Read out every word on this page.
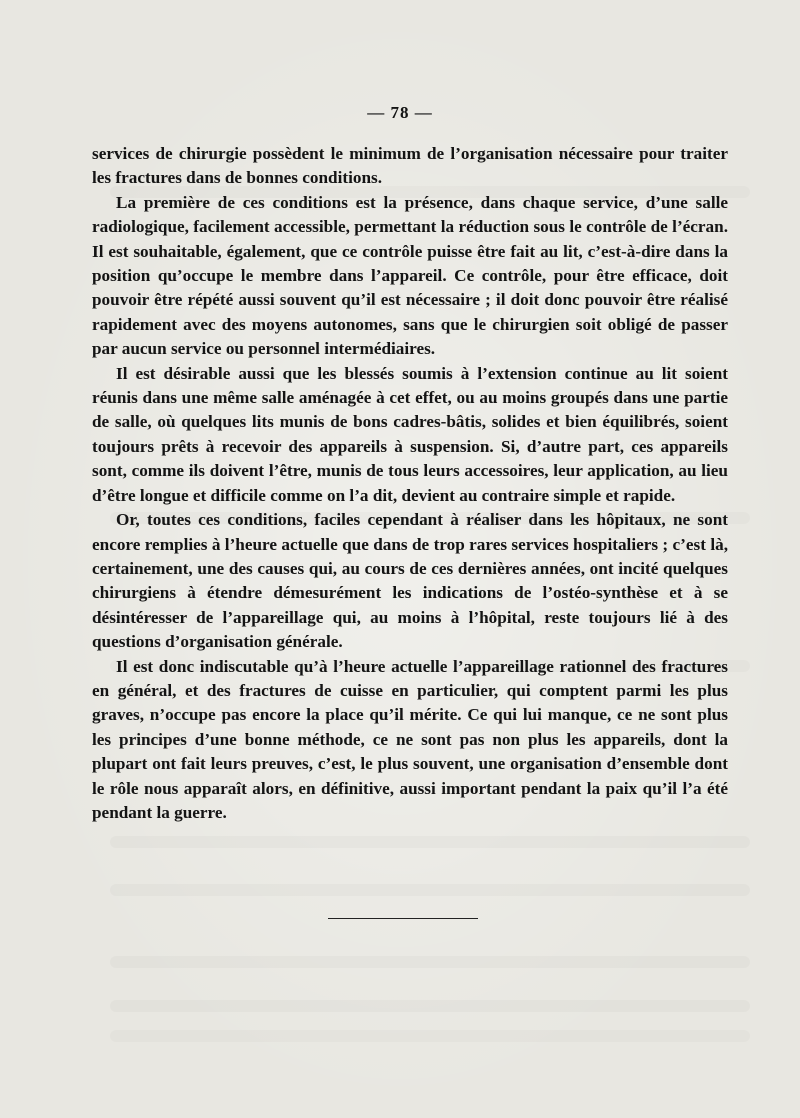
— 78 —

services de chirurgie possèdent le minimum de l’organisation nécessaire pour traiter les fractures dans de bonnes conditions.

La première de ces conditions est la présence, dans chaque service, d’une salle radiologique, facilement accessible, permettant la réduction sous le contrôle de l’écran. Il est souhaitable, également, que ce contrôle puisse être fait au lit, c’est-à-dire dans la position qu’occupe le membre dans l’appareil. Ce contrôle, pour être efficace, doit pouvoir être répété aussi souvent qu’il est nécessaire ; il doit donc pouvoir être réalisé rapidement avec des moyens autonomes, sans que le chirurgien soit obligé de passer par aucun service ou personnel intermédiaires.

Il est désirable aussi que les blessés soumis à l’extension continue au lit soient réunis dans une même salle aménagée à cet effet, ou au moins groupés dans une partie de salle, où quelques lits munis de bons cadres-bâtis, solides et bien équilibrés, soient toujours prêts à recevoir des appareils à suspension. Si, d’autre part, ces appareils sont, comme ils doivent l’être, munis de tous leurs accessoires, leur application, au lieu d’être longue et difficile comme on l’a dit, devient au contraire simple et rapide.

Or, toutes ces conditions, faciles cependant à réaliser dans les hôpitaux, ne sont encore remplies à l’heure actuelle que dans de trop rares services hospitaliers ; c’est là, certainement, une des causes qui, au cours de ces dernières années, ont incité quelques chirurgiens à étendre démesurément les indications de l’ostéo-synthèse et à se désintéresser de l’appareillage qui, au moins à l’hôpital, reste toujours lié à des questions d’organisation générale.

Il est donc indiscutable qu’à l’heure actuelle l’appareillage rationnel des fractures en général, et des fractures de cuisse en particulier, qui comptent parmi les plus graves, n’occupe pas encore la place qu’il mérite. Ce qui lui manque, ce ne sont plus les principes d’une bonne méthode, ce ne sont pas non plus les appareils, dont la plupart ont fait leurs preuves, c’est, le plus souvent, une organisation d’ensemble dont le rôle nous apparaît alors, en définitive, aussi important pendant la paix qu’il l’a été pendant la guerre.
